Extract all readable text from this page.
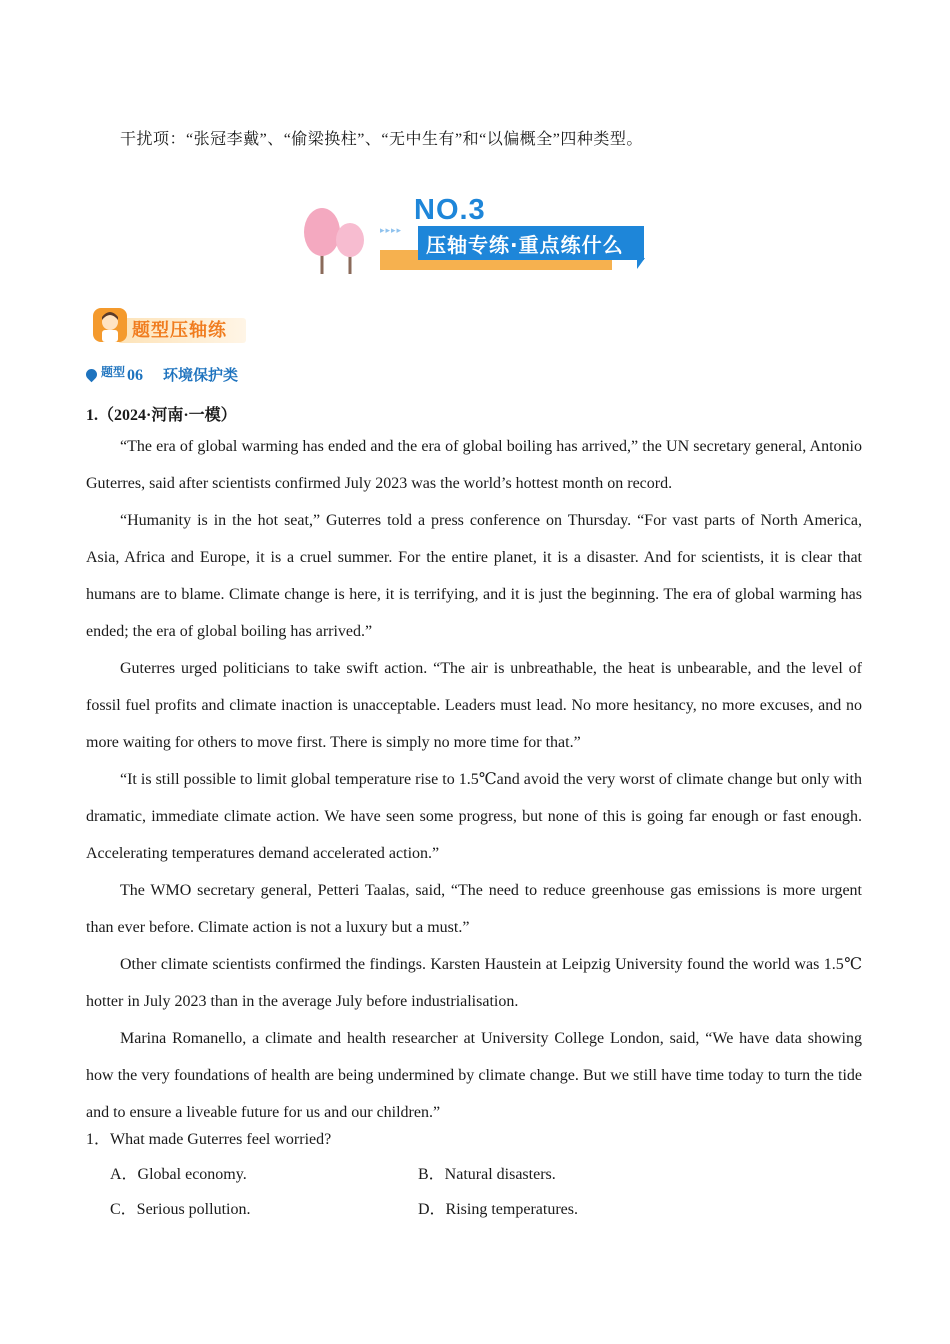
干扰项：“张冠李戴”、“偷梁换柱”、“无中生有”和“以偏概全”四种类型。
▸▸▸▸
NO.3
压轴专练·重点练什么
题型压轴练
$^{题型}$ 06 环境保护类
1.（2024·河南·一模）

“The era of global warming has ended and the era of global boiling has arrived,” the UN secretary general, Antonio Guterres, said after scientists confirmed July 2023 was the world’s hottest month on record.

“Humanity is in the hot seat,” Guterres told a press conference on Thursday. “For vast parts of North America, Asia, Africa and Europe, it is a cruel summer. For the entire planet, it is a disaster. And for scientists, it is clear that humans are to blame. Climate change is here, it is terrifying, and it is just the beginning. The era of global warming has ended; the era of global boiling has arrived.”

Guterres urged politicians to take swift action. “The air is unbreathable, the heat is unbearable, and the level of fossil fuel profits and climate inaction is unacceptable. Leaders must lead. No more hesitancy, no more excuses, and no more waiting for others to move first. There is simply no more time for that.”

“It is still possible to limit global temperature rise to 1.5℃and avoid the very worst of climate change but only with dramatic, immediate climate action. We have seen some progress, but none of this is going far enough or fast enough. Accelerating temperatures demand accelerated action.”

The WMO secretary general, Petteri Taalas, said, “The need to reduce greenhouse gas emissions is more urgent than ever before. Climate action is not a luxury but a must.”

Other climate scientists confirmed the findings. Karsten Haustein at Leipzig University found the world was 1.5℃ hotter in July 2023 than in the average July before industrialisation.

Marina Romanello, a climate and health researcher at University College London, said, “We have data showing how the very foundations of health are being undermined by climate change. But we still have time today to turn the tide and to ensure a liveable future for us and our children.”

1．What made Guterres feel worried?
A．Global economy.	B．Natural disasters.
C．Serious pollution.	D．Rising temperatures.
